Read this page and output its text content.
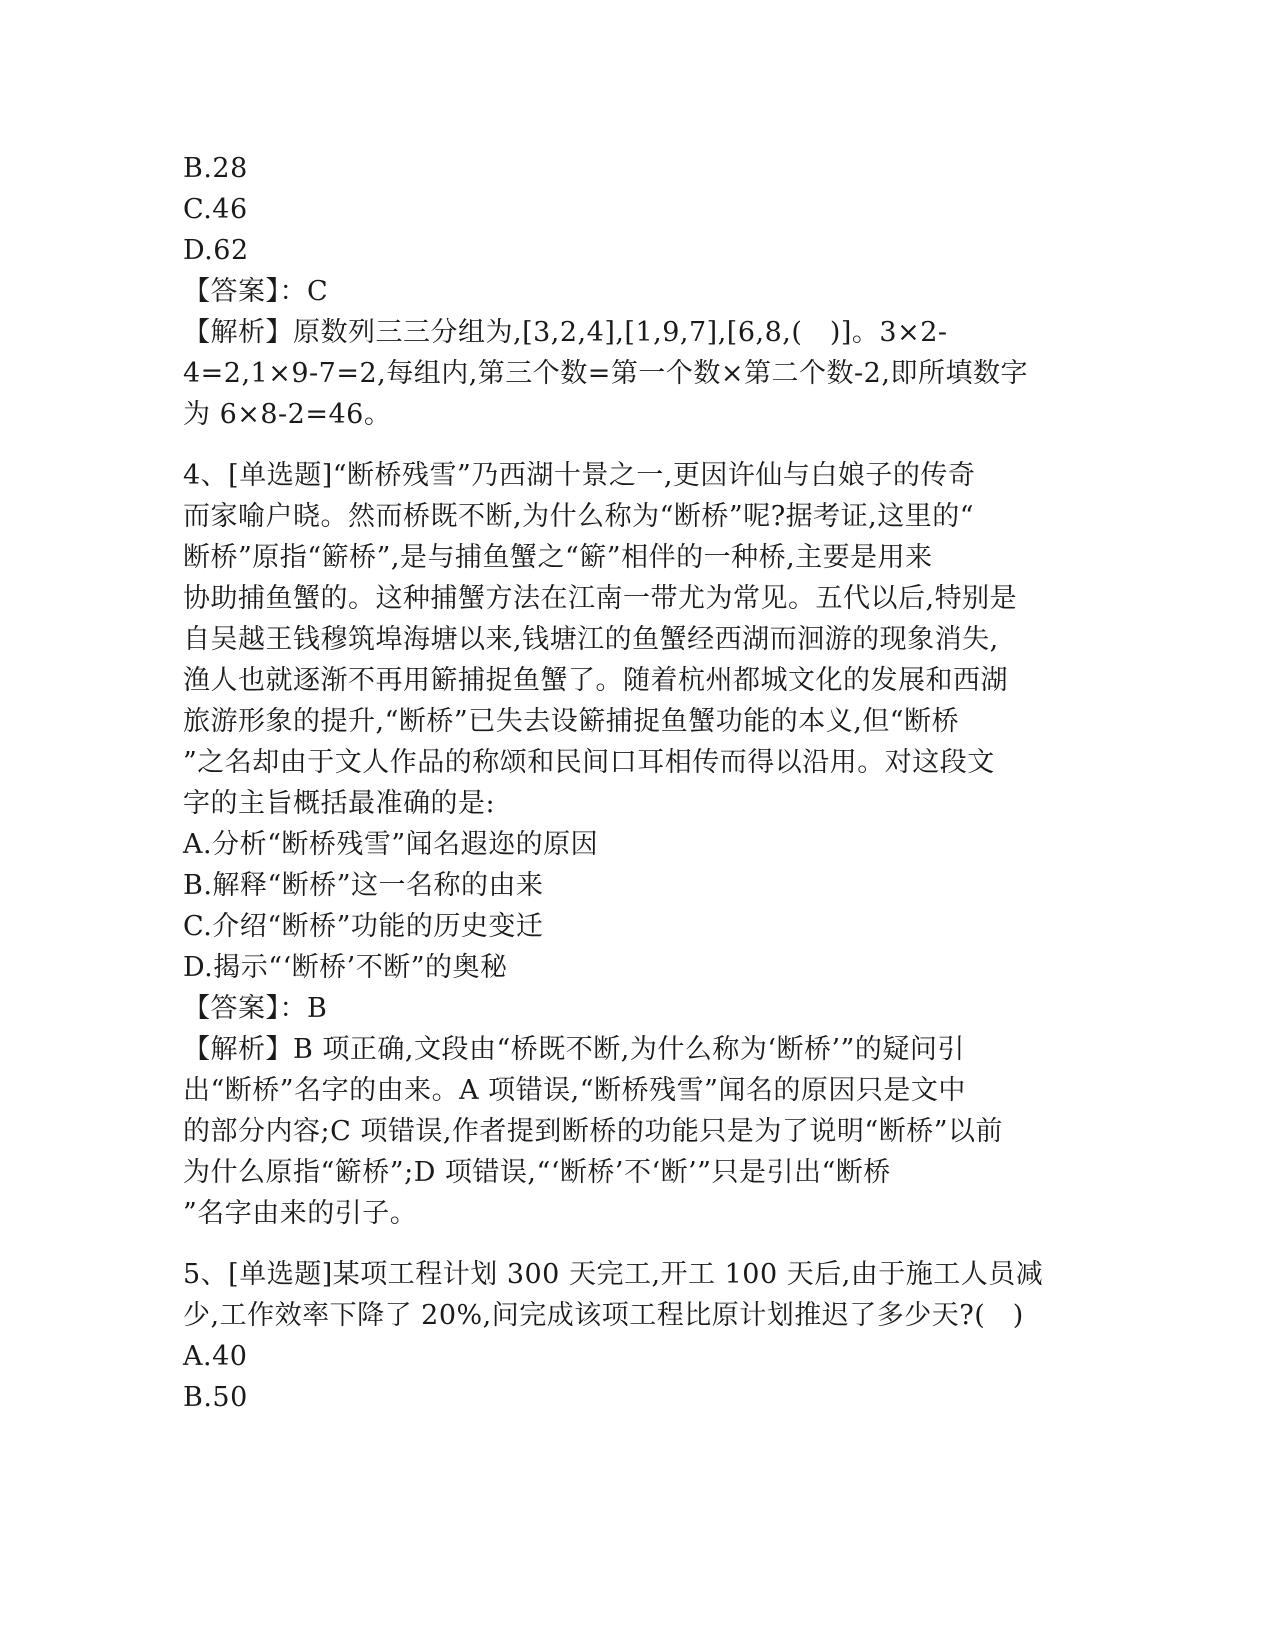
B.28
C.46
D.62
【答案】：C
【解析】原数列三三分组为,[3,2,4],[1,9,7],[6,8,(　)]。3×2-
4=2,1×9-7=2,每组内,第三个数=第一个数×第二个数-2,即所填数字
为 6×8-2=46。
4、[单选题]“断桥残雪”乃西湖十景之一,更因许仙与白娘子的传奇
而家喻户晓。然而桥既不断,为什么称为“断桥”呢?据考证,这里的“
断桥”原指“簖桥”,是与捕鱼蟹之“簖”相伴的一种桥,主要是用来
协助捕鱼蟹的。这种捕蟹方法在江南一带尤为常见。五代以后,特别是
自吴越王钱穆筑埠海塘以来,钱塘江的鱼蟹经西湖而洄游的现象消失,
渔人也就逐渐不再用簖捕捉鱼蟹了。随着杭州都城文化的发展和西湖
旅游形象的提升,“断桥”已失去设簖捕捉鱼蟹功能的本义,但“断桥
”之名却由于文人作品的称颂和民间口耳相传而得以沿用。对这段文
字的主旨概括最准确的是:
A.分析“断桥残雪”闻名遐迩的原因
B.解释“断桥”这一名称的由来
C.介绍“断桥”功能的历史变迁
D.揭示“‘断桥’不断”的奥秘
【答案】：B
【解析】B 项正确,文段由“桥既不断,为什么称为‘断桥’”的疑问引
出“断桥”名字的由来。A 项错误,“断桥残雪”闻名的原因只是文中
的部分内容;C 项错误,作者提到断桥的功能只是为了说明“断桥”以前
为什么原指“簖桥”;D 项错误,“‘断桥’不‘断’”只是引出“断桥
”名字由来的引子。
5、[单选题]某项工程计划 300 天完工,开工 100 天后,由于施工人员减
少,工作效率下降了 20%,问完成该项工程比原计划推迟了多少天?(　)
A.40
B.50
